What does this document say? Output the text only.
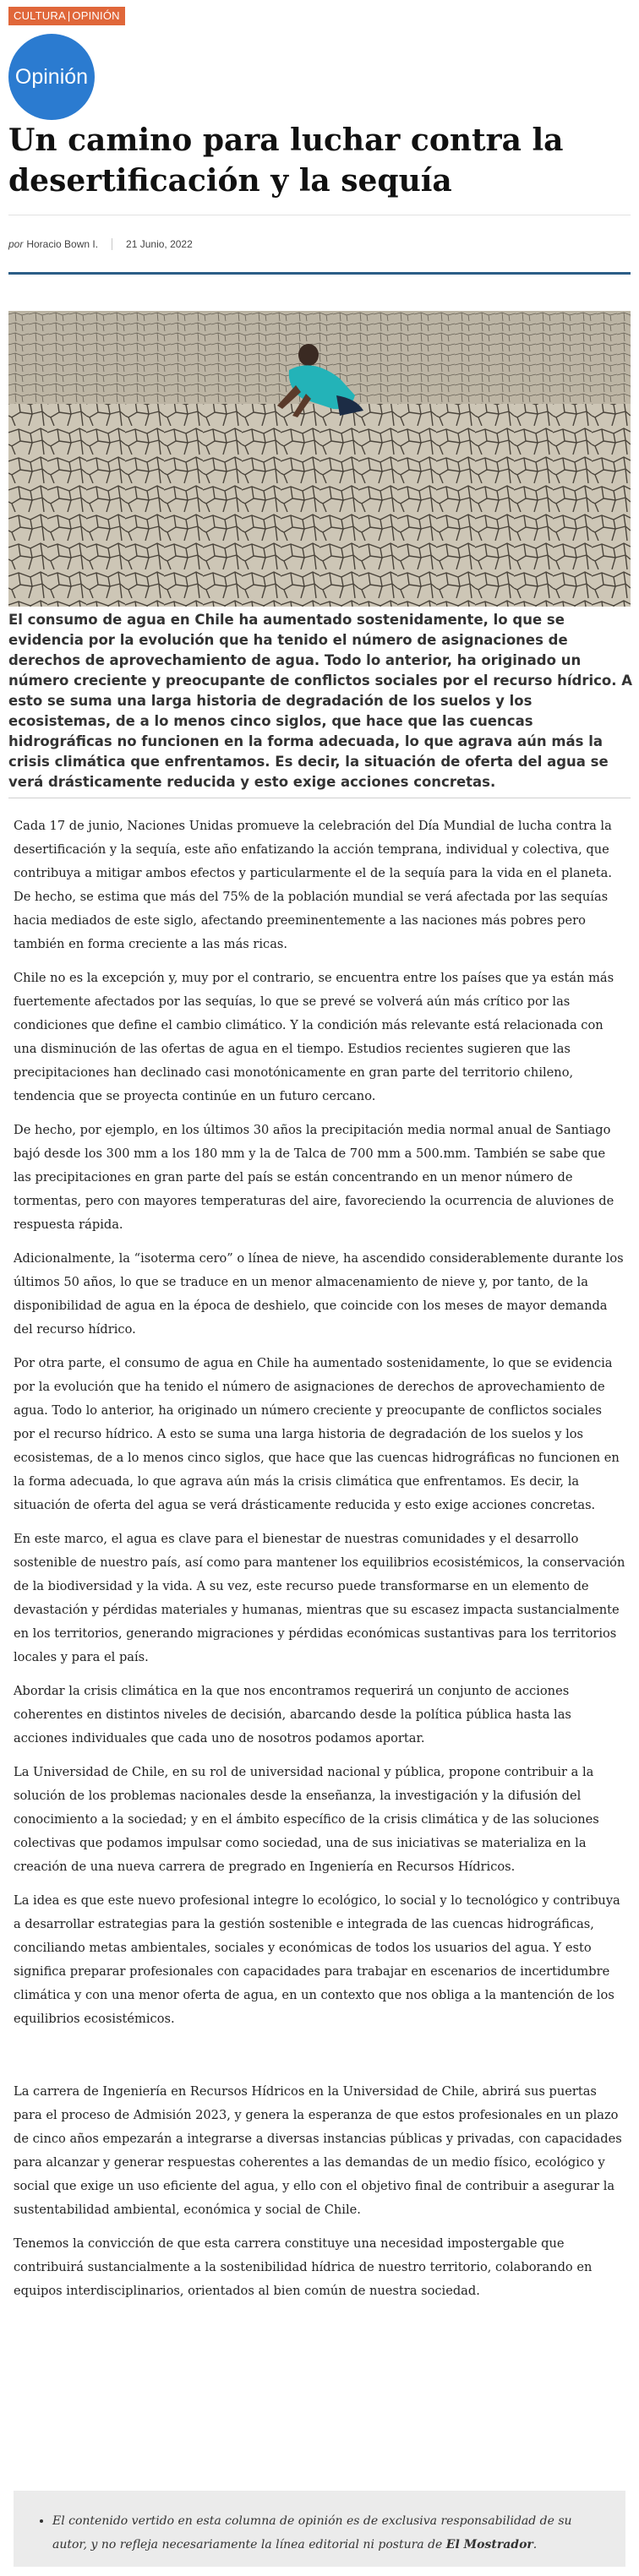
CULTURA | OPINIÓN
Opinión
Un camino para luchar contra la desertificación y la sequía
por Horacio Bown I.	21 Junio, 2022

El consumo de agua en Chile ha aumentado sostenidamente, lo que se evidencia por la evolución que ha tenido el número de asignaciones de derechos de aprovechamiento de agua. Todo lo anterior, ha originado un número creciente y preocupante de conflictos sociales por el recurso hídrico. A esto se suma una larga historia de degradación de los suelos y los ecosistemas, de a lo menos cinco siglos, que hace que las cuencas hidrográficas no funcionen en la forma adecuada, lo que agrava aún más la crisis climática que enfrentamos. Es decir, la situación de oferta del agua se verá drásticamente reducida y esto exige acciones concretas.

Cada 17 de junio, Naciones Unidas promueve la celebración del Día Mundial de lucha contra la desertificación y la sequía, este año enfatizando la acción temprana, individual y colectiva, que contribuya a mitigar ambos efectos y particularmente el de la sequía para la vida en el planeta. De hecho, se estima que más del 75% de la población mundial se verá afectada por las sequías hacia mediados de este siglo, afectando preeminentemente a las naciones más pobres pero también en forma creciente a las más ricas.

Chile no es la excepción y, muy por el contrario, se encuentra entre los países que ya están más fuertemente afectados por las sequías, lo que se prevé se volverá aún más crítico por las condiciones que define el cambio climático. Y la condición más relevante está relacionada con una disminución de las ofertas de agua en el tiempo. Estudios recientes sugieren que las precipitaciones han declinado casi monotónicamente en gran parte del territorio chileno, tendencia que se proyecta continúe en un futuro cercano.

De hecho, por ejemplo, en los últimos 30 años la precipitación media normal anual de Santiago bajó desde los 300 mm a los 180 mm y la de Talca de 700 mm a 500.mm. También se sabe que las precipitaciones en gran parte del país se están concentrando en un menor número de tormentas, pero con mayores temperaturas del aire, favoreciendo la ocurrencia de aluviones de respuesta rápida.

Adicionalmente, la “isoterma cero” o línea de nieve, ha ascendido considerablemente durante los últimos 50 años, lo que se traduce en un menor almacenamiento de nieve y, por tanto, de la disponibilidad de agua en la época de deshielo, que coincide con los meses de mayor demanda del recurso hídrico.

Por otra parte, el consumo de agua en Chile ha aumentado sostenidamente, lo que se evidencia por la evolución que ha tenido el número de asignaciones de derechos de aprovechamiento de agua. Todo lo anterior, ha originado un número creciente y preocupante de conflictos sociales por el recurso hídrico. A esto se suma una larga historia de degradación de los suelos y los ecosistemas, de a lo menos cinco siglos, que hace que las cuencas hidrográficas no funcionen en la forma adecuada, lo que agrava aún más la crisis climática que enfrentamos. Es decir, la situación de oferta del agua se verá drásticamente reducida y esto exige acciones concretas.

En este marco, el agua es clave para el bienestar de nuestras comunidades y el desarrollo sostenible de nuestro país, así como para mantener los equilibrios ecosistémicos, la conservación de la biodiversidad y la vida. A su vez, este recurso puede transformarse en un elemento de devastación y pérdidas materiales y humanas, mientras que su escasez impacta sustancialmente en los territorios, generando migraciones y pérdidas económicas sustantivas para los territorios locales y para el país.

Abordar la crisis climática en la que nos encontramos requerirá un conjunto de acciones coherentes en distintos niveles de decisión, abarcando desde la política pública hasta las acciones individuales que cada uno de nosotros podamos aportar.

La Universidad de Chile, en su rol de universidad nacional y pública, propone contribuir a la solución de los problemas nacionales desde la enseñanza, la investigación y la difusión del conocimiento a la sociedad; y en el ámbito específico de la crisis climática y de las soluciones colectivas que podamos impulsar como sociedad, una de sus iniciativas se materializa en la creación de una nueva carrera de pregrado en Ingeniería en Recursos Hídricos.

La idea es que este nuevo profesional integre lo ecológico, lo social y lo tecnológico y contribuya a desarrollar estrategias para la gestión sostenible e integrada de las cuencas hidrográficas, conciliando metas ambientales, sociales y económicas de todos los usuarios del agua. Y esto significa preparar profesionales con capacidades para trabajar en escenarios de incertidumbre climática y con una menor oferta de agua, en un contexto que nos obliga a la mantención de los equilibrios ecosistémicos.

La carrera de Ingeniería en Recursos Hídricos en la Universidad de Chile, abrirá sus puertas para el proceso de Admisión 2023, y genera la esperanza de que estos profesionales en un plazo de cinco años empezarán a integrarse a diversas instancias públicas y privadas, con capacidades para alcanzar y generar respuestas coherentes a las demandas de un medio físico, ecológico y social que exige un uso eficiente del agua, y ello con el objetivo final de contribuir a asegurar la sustentabilidad ambiental, económica y social de Chile.

Tenemos la convicción de que esta carrera constituye una necesidad impostergable que contribuirá sustancialmente a la sostenibilidad hídrica de nuestro territorio, colaborando en equipos interdisciplinarios, orientados al bien común de nuestra sociedad.

• El contenido vertido en esta columna de opinión es de exclusiva responsabilidad de su autor, y no refleja necesariamente la línea editorial ni postura de El Mostrador.
